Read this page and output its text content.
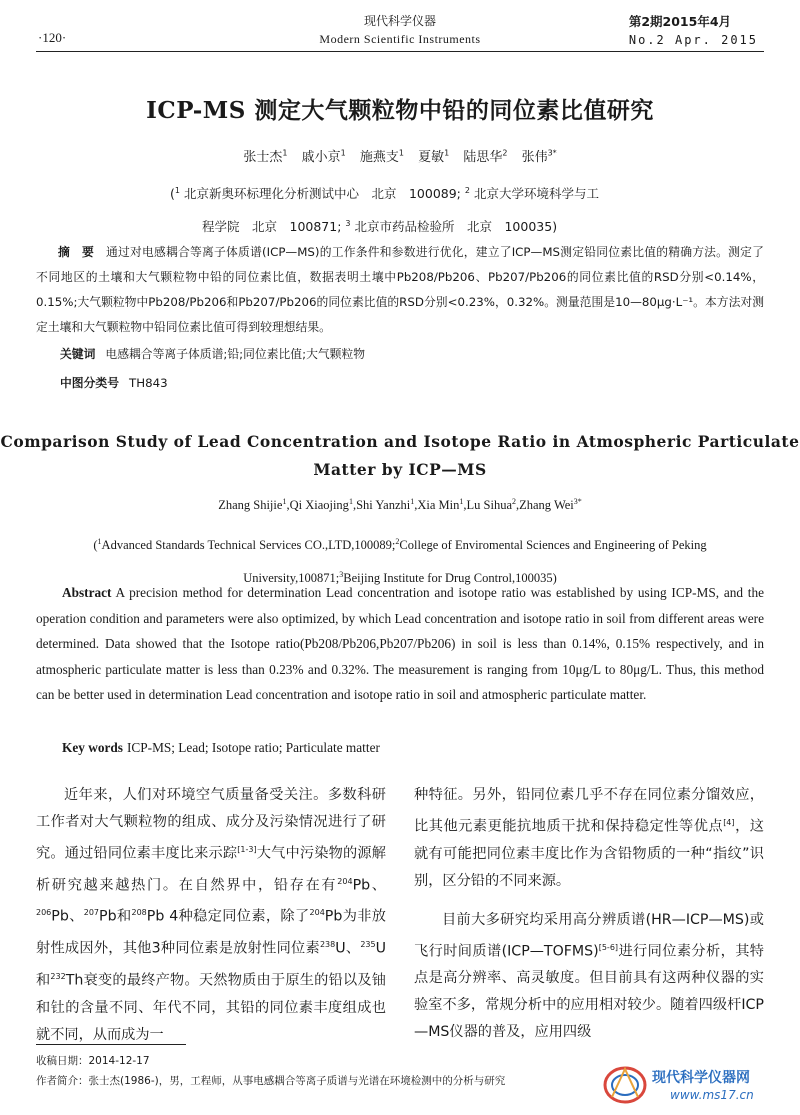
·120·
现代科学仪器
Modern Scientific Instruments
第2期2015年4月
No.2 Apr. 2015
ICP-MS 测定大气颗粒物中铅的同位素比值研究
张士杰$^1$ 戚小京$^1$ 施燕支$^1$ 夏敏$^1$ 陆思华$^2$ 张伟$^{3*}$
($^1$ 北京新奥环标理化分析测试中心　北京　100089; $^2$ 北京大学环境科学与工
程学院　北京　100871; $^3$ 北京市药品检验所　北京　100035)
摘　要 通过对电感耦合等离子体质谱(ICP—MS)的工作条件和参数进行优化，建立了ICP—MS测定铅同位素比值的精确方法。测定了不同地区的土壤和大气颗粒物中铅的同位素比值，数据表明土壤中Pb208/Pb206、Pb207/Pb206的同位素比值的RSD分别<0.14%，0.15%;大气颗粒物中Pb208/Pb206和Pb207/Pb206的同位素比值的RSD分别<0.23%，0.32%。测量范围是10—80μg·L⁻¹。本方法对测定土壤和大气颗粒物中铅同位素比值可得到较理想结果。
关键词 电感耦合等离子体质谱;铅;同位素比值;大气颗粒物
中图分类号 TH843
Comparison Study of Lead Concentration and Isotope Ratio in Atmospheric Particulate
Matter by ICP—MS
Zhang Shijie$^1$,Qi Xiaojing$^1$,Shi Yanzhi$^1$,Xia Min$^1$,Lu Sihua$^2$,Zhang Wei$^{3*}$
($^1$Advanced Standards Technical Services CO.,LTD,100089;$^2$College of Enviromental Sciences and Engineering of Peking University,100871;$^3$Beijing Institute for Drug Control,100035)
Abstract A precision method for determination Lead concentration and isotope ratio was established by using ICP-MS, and the operation condition and parameters were also optimized, by which Lead concentration and isotope ratio in soil from different areas were determined. Data showed that the Isotope ratio(Pb208/Pb206,Pb207/Pb206) in soil is less than 0.14%, 0.15% respectively, and in atmospheric particulate matter is less than 0.23% and 0.32%. The measurement is ranging from 10μg/L to 80μg/L. Thus, this method can be better used in determination Lead concentration and isotope ratio in soil and atmospheric particulate matter.
Key words ICP-MS; Lead; Isotope ratio; Particulate matter

近年来，人们对环境空气质量备受关注。多数科研工作者对大气颗粒物的组成、成分及污染情况进行了研究。通过铅同位素丰度比来示踪[1-3]大气中污染物的源解析研究越来越热门。在自然界中，铅存在有$^{204}$Pb、$^{206}$Pb、$^{207}$Pb和$^{208}$Pb 4种稳定同位素，除了$^{204}$Pb为非放射性成因外，其他3种同位素是放射性同位素$^{238}$U、$^{235}$U和$^{232}$Th衰变的最终产物。天然物质由于原生的铅以及铀和钍的含量不同、年代不同，其铅的同位素丰度组成也就不同，从而成为一

种特征。另外，铅同位素几乎不存在同位素分馏效应，比其他元素更能抗地质干扰和保持稳定性等优点[4]，这就有可能把同位素丰度比作为含铅物质的一种“指纹”识别，区分铅的不同来源。

目前大多研究均采用高分辨质谱(HR—ICP—MS)或飞行时间质谱(ICP—TOFMS)[5-6]进行同位素分析，其特点是高分辨率、高灵敏度。但目前具有这两种仪器的实验室不多，常规分析中的应用相对较少。随着四级杆ICP—MS仪器的普及，应用四级

收稿日期：2014-12-17
作者简介：张士杰(1986-)，男，工程师，从事电感耦合等离子质谱与光谱在环境检测中的分析与研究	现代科学仪器网
www.ms17.cn
